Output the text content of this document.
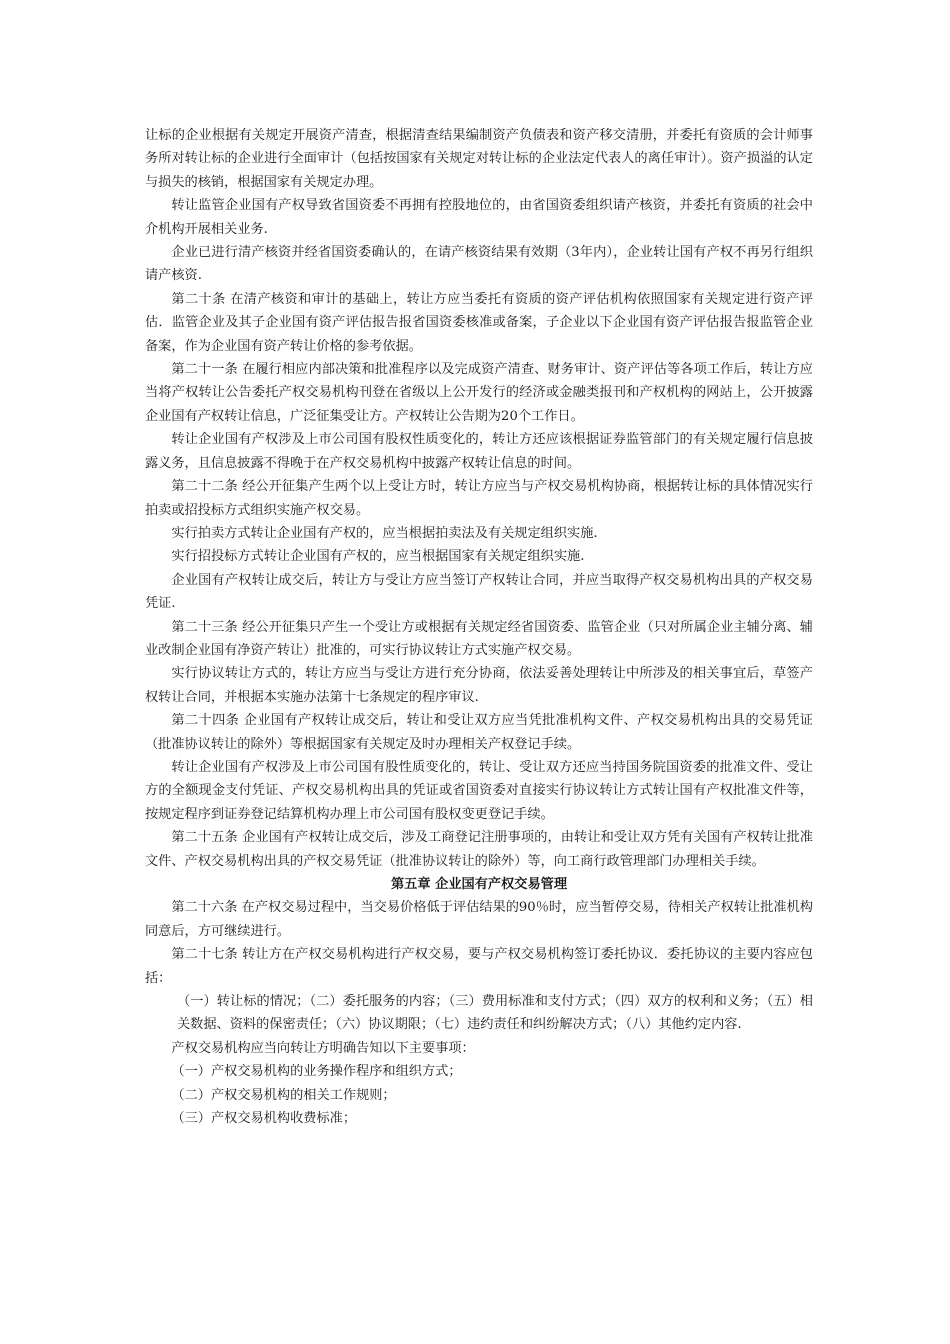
让标的企业根据有关规定开展资产清查，根据清查结果编制资产负债表和资产移交清册，并委托有资质的会计师事务所对转让标的企业进行全面审计（包括按国家有关规定对转让标的企业法定代表人的离任审计）。资产损溢的认定与损失的核销，根据国家有关规定办理。

转让监管企业国有产权导致省国资委不再拥有控股地位的，由省国资委组织请产核资，并委托有资质的社会中介机构开展相关业务.

企业已进行清产核资并经省国资委确认的，在请产核资结果有效期（3年内），企业转让国有产权不再另行组织请产核资.

第二十条 在清产核资和审计的基础上，转让方应当委托有资质的资产评估机构依照国家有关规定进行资产评估．监管企业及其子企业国有资产评估报告报省国资委核准或备案，子企业以下企业国有资产评估报告报监管企业备案，作为企业国有资产转让价格的参考依据。

第二十一条 在履行相应内部决策和批准程序以及完成资产清查、财务审计、资产评估等各项工作后，转让方应当将产权转让公告委托产权交易机构刊登在省级以上公开发行的经济或金融类报刊和产权机构的网站上，公开披露企业国有产权转让信息，广泛征集受让方。产权转让公告期为20个工作日。

转让企业国有产权涉及上市公司国有股权性质变化的，转让方还应该根据证券监管部门的有关规定履行信息披露义务，且信息披露不得晚于在产权交易机构中披露产权转让信息的时间。

第二十二条 经公开征集产生两个以上受让方时，转让方应当与产权交易机构协商，根据转让标的具体情况实行拍卖或招投标方式组织实施产权交易。

实行拍卖方式转让企业国有产权的，应当根据拍卖法及有关规定组织实施.

实行招投标方式转让企业国有产权的，应当根据国家有关规定组织实施.

企业国有产权转让成交后，转让方与受让方应当签订产权转让合同，并应当取得产权交易机构出具的产权交易凭证.

第二十三条 经公开征集只产生一个受让方或根据有关规定经省国资委、监管企业（只对所属企业主辅分离、辅业改制企业国有净资产转让）批准的，可实行协议转让方式实施产权交易。

实行协议转让方式的，转让方应当与受让方进行充分协商，依法妥善处理转让中所涉及的相关事宜后，草签产权转让合同，并根据本实施办法第十七条规定的程序审议.

第二十四条 企业国有产权转让成交后，转让和受让双方应当凭批准机构文件、产权交易机构出具的交易凭证（批准协议转让的除外）等根据国家有关规定及时办理相关产权登记手续。

转让企业国有产权涉及上市公司国有股性质变化的，转让、受让双方还应当持国务院国资委的批准文件、受让方的全额现金支付凭证、产权交易机构出具的凭证或省国资委对直接实行协议转让方式转让国有产权批准文件等，按规定程序到证券登记结算机构办理上市公司国有股权变更登记手续。

第二十五条 企业国有产权转让成交后，涉及工商登记注册事项的，由转让和受让双方凭有关国有产权转让批准文件、产权交易机构出具的产权交易凭证（批准协议转让的除外）等，向工商行政管理部门办理相关手续。

第五章 企业国有产权交易管理

第二十六条 在产权交易过程中，当交易价格低于评估结果的90％时，应当暂停交易，待相关产权转让批准机构同意后，方可继续进行。

第二十七条 转让方在产权交易机构进行产权交易，要与产权交易机构签订委托协议．委托协议的主要内容应包括：

（一）转让标的情况；（二）委托服务的内容；（三）费用标准和支付方式；（四）双方的权利和义务；（五）相关数据、资料的保密责任；（六）协议期限；（七）违约责任和纠纷解决方式；（八）其他约定内容.

产权交易机构应当向转让方明确告知以下主要事项：

（一）产权交易机构的业务操作程序和组织方式；

（二）产权交易机构的相关工作规则；

（三）产权交易机构收费标准；
